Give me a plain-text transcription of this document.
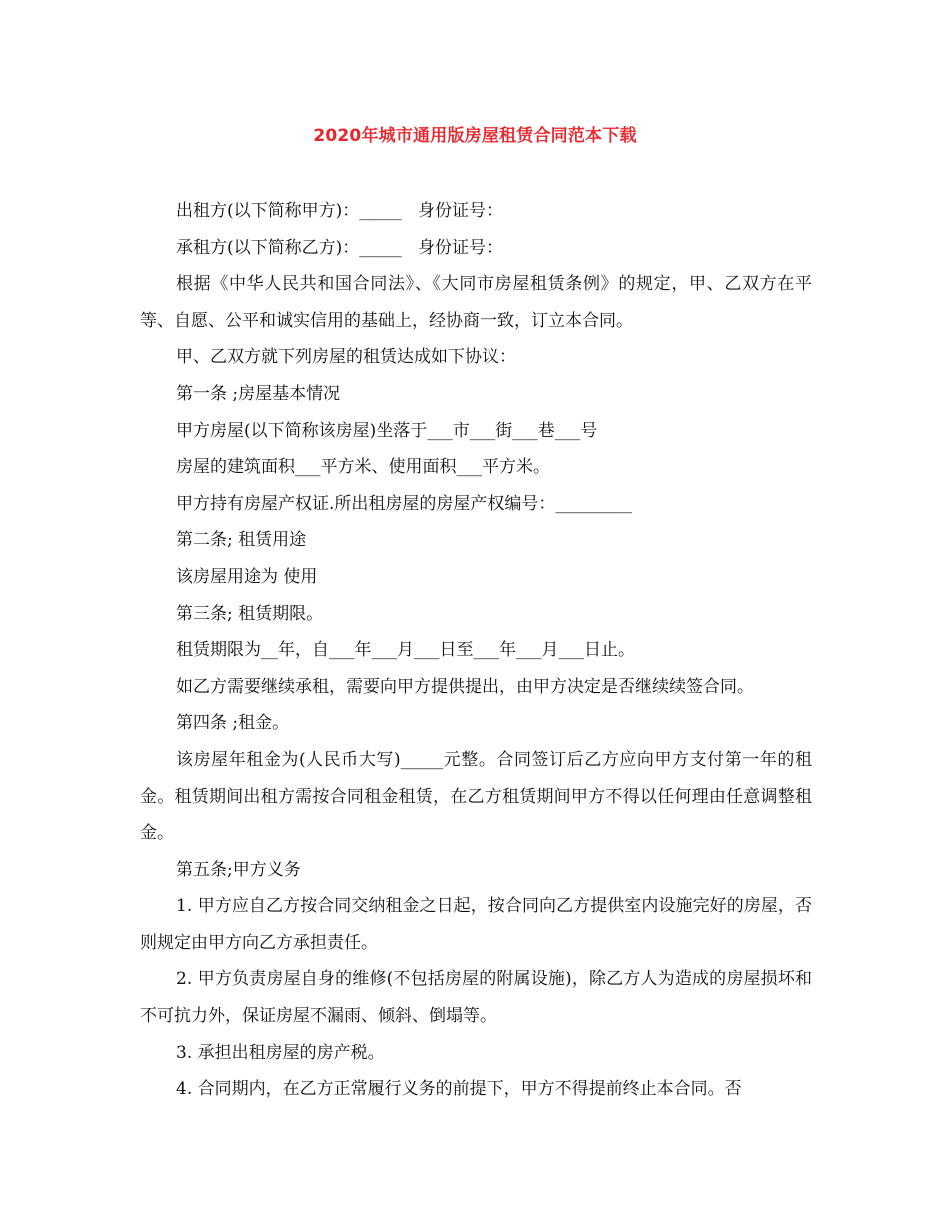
2020年城市通用版房屋租赁合同范本下载

出租方(以下简称甲方)：_____   身份证号：

承租方(以下简称乙方)：_____   身份证号：

根据《中华人民共和国合同法》、《大同市房屋租赁条例》的规定，甲、乙双方在平等、自愿、公平和诚实信用的基础上，经协商一致，订立本合同。

甲、乙双方就下列房屋的租赁达成如下协议：

第一条 ;房屋基本情况

甲方房屋(以下简称该房屋)坐落于___市___街___巷___号

房屋的建筑面积___平方米、使用面积___平方米。

甲方持有房屋产权证.所出租房屋的房屋产权编号：_________

第二条; 租赁用途

该房屋用途为 使用

第三条; 租赁期限。

租赁期限为__年，自___年___月___日至___年___月___日止。

如乙方需要继续承租，需要向甲方提供提出，由甲方决定是否继续续签合同。

第四条 ;租金。

该房屋年租金为(人民币大写)_____元整。合同签订后乙方应向甲方支付第一年的租金。租赁期间出租方需按合同租金租赁，在乙方租赁期间甲方不得以任何理由任意调整租金。

第五条;甲方义务

1. 甲方应自乙方按合同交纳租金之日起，按合同向乙方提供室内设施完好的房屋，否则规定由甲方向乙方承担责任。

2. 甲方负责房屋自身的维修(不包括房屋的附属设施)，除乙方人为造成的房屋损坏和不可抗力外，保证房屋不漏雨、倾斜、倒塌等。

3. 承担出租房屋的房产税。

4. 合同期内，在乙方正常履行义务的前提下，甲方不得提前终止本合同。否
